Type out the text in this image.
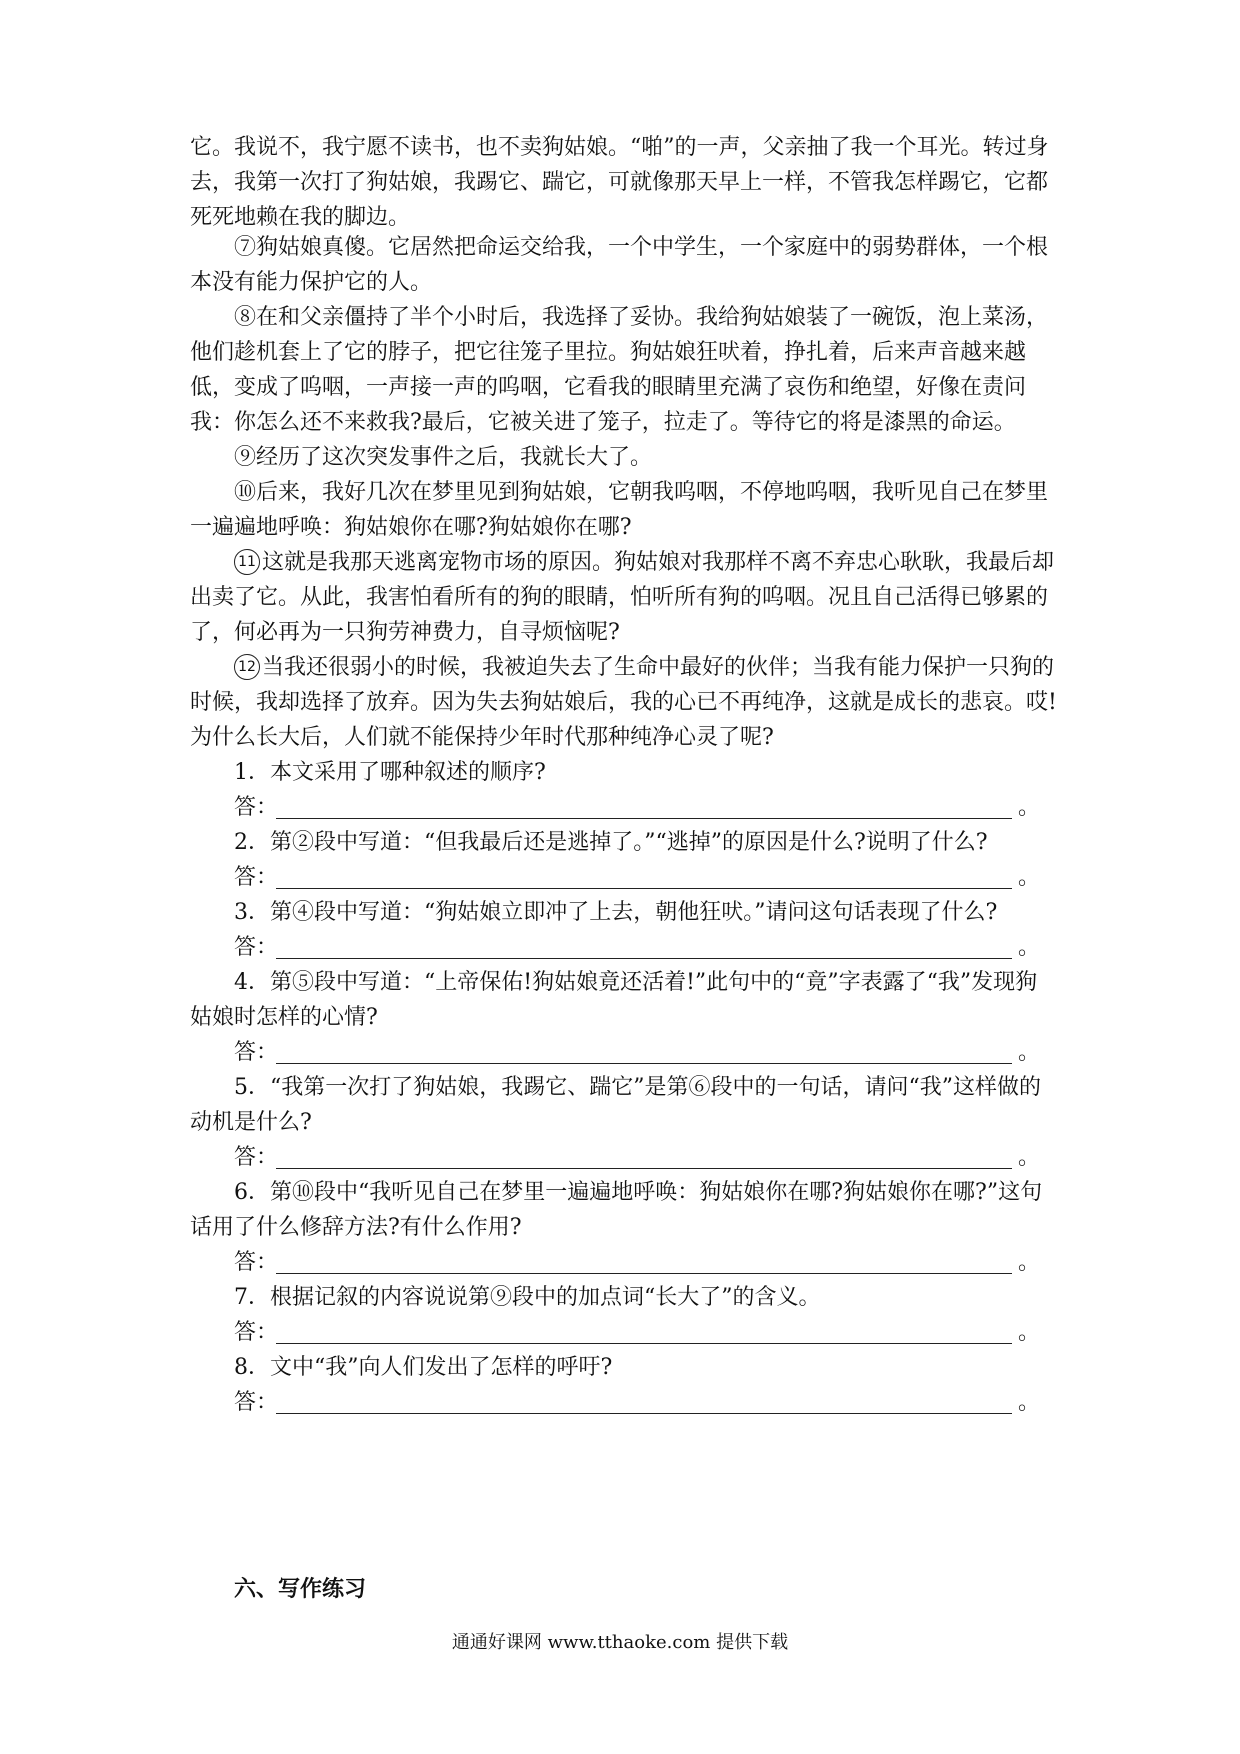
它。我说不，我宁愿不读书，也不卖狗姑娘。“啪”的一声，父亲抽了我一个耳光。转过身去，我第一次打了狗姑娘，我踢它、踹它，可就像那天早上一样，不管我怎样踢它，它都死死地赖在我的脚边。
⑦狗姑娘真傻。它居然把命运交给我，一个中学生，一个家庭中的弱势群体，一个根本没有能力保护它的人。
⑧在和父亲僵持了半个小时后，我选择了妥协。我给狗姑娘装了一碗饭，泡上菜汤，他们趁机套上了它的脖子，把它往笼子里拉。狗姑娘狂吠着，挣扎着，后来声音越来越低，变成了呜咽，一声接一声的呜咽，它看我的眼睛里充满了哀伤和绝望，好像在责问我：你怎么还不来救我?最后，它被关进了笼子，拉走了。等待它的将是漆黑的命运。
⑨经历了这次突发事件之后，我就长大了。
⑩后来，我好几次在梦里见到狗姑娘，它朝我呜咽，不停地呜咽，我听见自己在梦里一遍遍地呼唤：狗姑娘你在哪?狗姑娘你在哪?
11 这就是我那天逃离宠物市场的原因。狗姑娘对我那样不离不弃忠心耿耿，我最后却出卖了它。从此，我害怕看所有的狗的眼睛，怕听所有狗的呜咽。况且自己活得已够累的了，何必再为一只狗劳神费力，自寻烦恼呢?
12 当我还很弱小的时候，我被迫失去了生命中最好的伙伴；当我有能力保护一只狗的时候，我却选择了放弃。因为失去狗姑娘后，我的心已不再纯净，这就是成长的悲哀。哎!为什么长大后，人们就不能保持少年时代那种纯净心灵了呢?
1．本文采用了哪种叙述的顺序?
答：	。
2．第②段中写道：“但我最后还是逃掉了。”“逃掉”的原因是什么?说明了什么?
答：	。
3．第④段中写道：“狗姑娘立即冲了上去，朝他狂吠。”请问这句话表现了什么?
答：	。
4．第⑤段中写道：“上帝保佑!狗姑娘竟还活着!”此句中的“竟”字表露了“我”发现狗姑娘时怎样的心情?
答：	。
5．“我第一次打了狗姑娘，我踢它、踹它”是第⑥段中的一句话，请问“我”这样做的动机是什么?
答：	。
6．第⑩段中“我听见自己在梦里一遍遍地呼唤：狗姑娘你在哪?狗姑娘你在哪?”这句话用了什么修辞方法?有什么作用?
答：	。
7．根据记叙的内容说说第⑨段中的加点词“长大了”的含义。
答：	。
8．文中“我”向人们发出了怎样的呼吁?
答：	。
六、写作练习
通通好课网 www.tthaoke.com 提供下载
